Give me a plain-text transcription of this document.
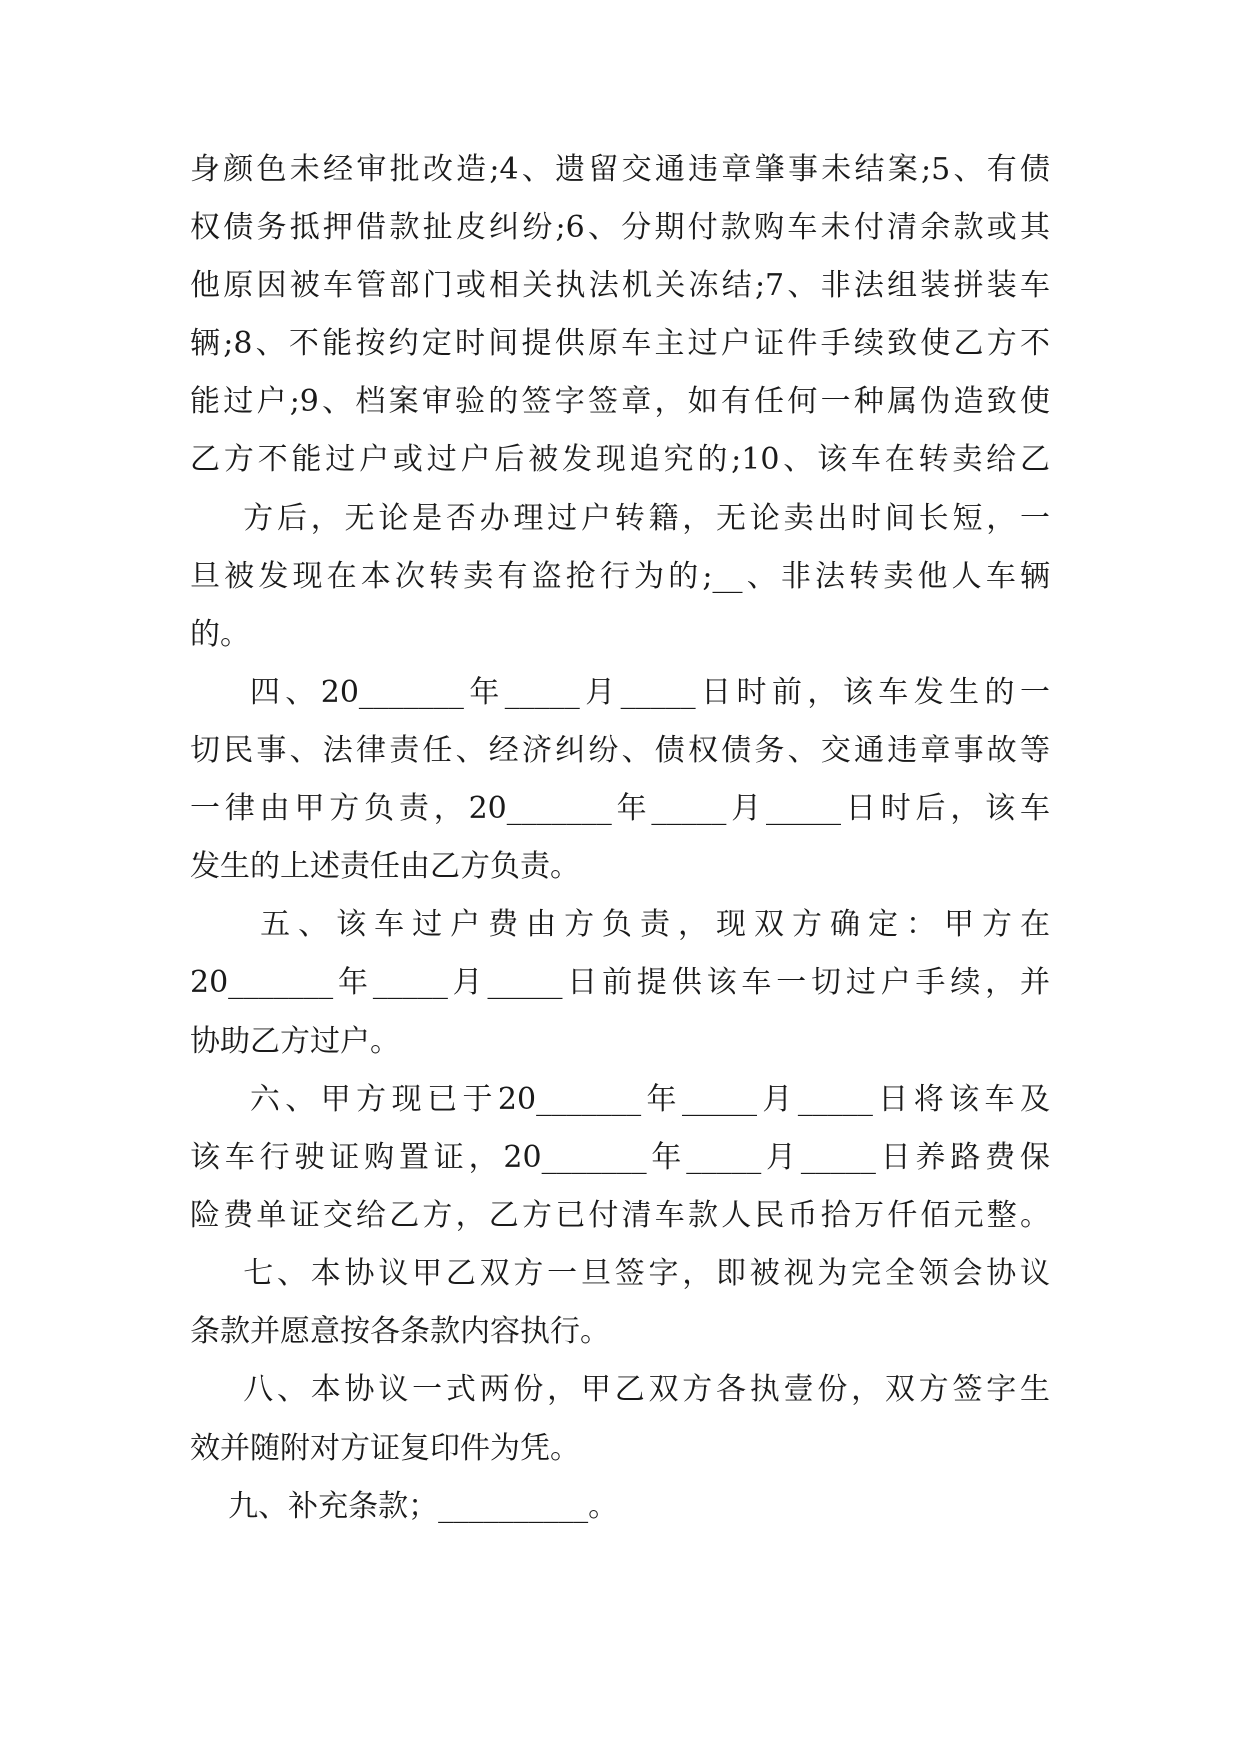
身颜色未经审批改造;4、遗留交通违章肇事未结案;5、有债
权债务抵押借款扯皮纠纷;6、分期付款购车未付清余款或其
他原因被车管部门或相关执法机关冻结;7、非法组装拼装车
辆;8、不能按约定时间提供原车主过户证件手续致使乙方不
能过户;9、档案审验的签字签章，如有任何一种属伪造致使
乙方不能过户或过户后被发现追究的;10、该车在转卖给乙
方后，无论是否办理过户转籍，无论卖出时间长短，一
旦被发现在本次转卖有盗抢行为的;__、非法转卖他人车辆
的。
四、20_______年_____月_____日时前，该车发生的一
切民事、法律责任、经济纠纷、债权债务、交通违章事故等
一律由甲方负责，20_______年_____月_____日时后，该车
发生的上述责任由乙方负责。
五、该车过户费由方负责，现双方确定：甲方在
20_______年_____月_____日前提供该车一切过户手续，并
协助乙方过户。
六、甲方现已于20_______年_____月_____日将该车及
该车行驶证购置证，20_______年_____月_____日养路费保
险费单证交给乙方，乙方已付清车款人民币拾万仟佰元整。
七、本协议甲乙双方一旦签字，即被视为完全领会协议
条款并愿意按各条款内容执行。
八、本协议一式两份，甲乙双方各执壹份，双方签字生
效并随附对方证复印件为凭。
九、补充条款；__________。
